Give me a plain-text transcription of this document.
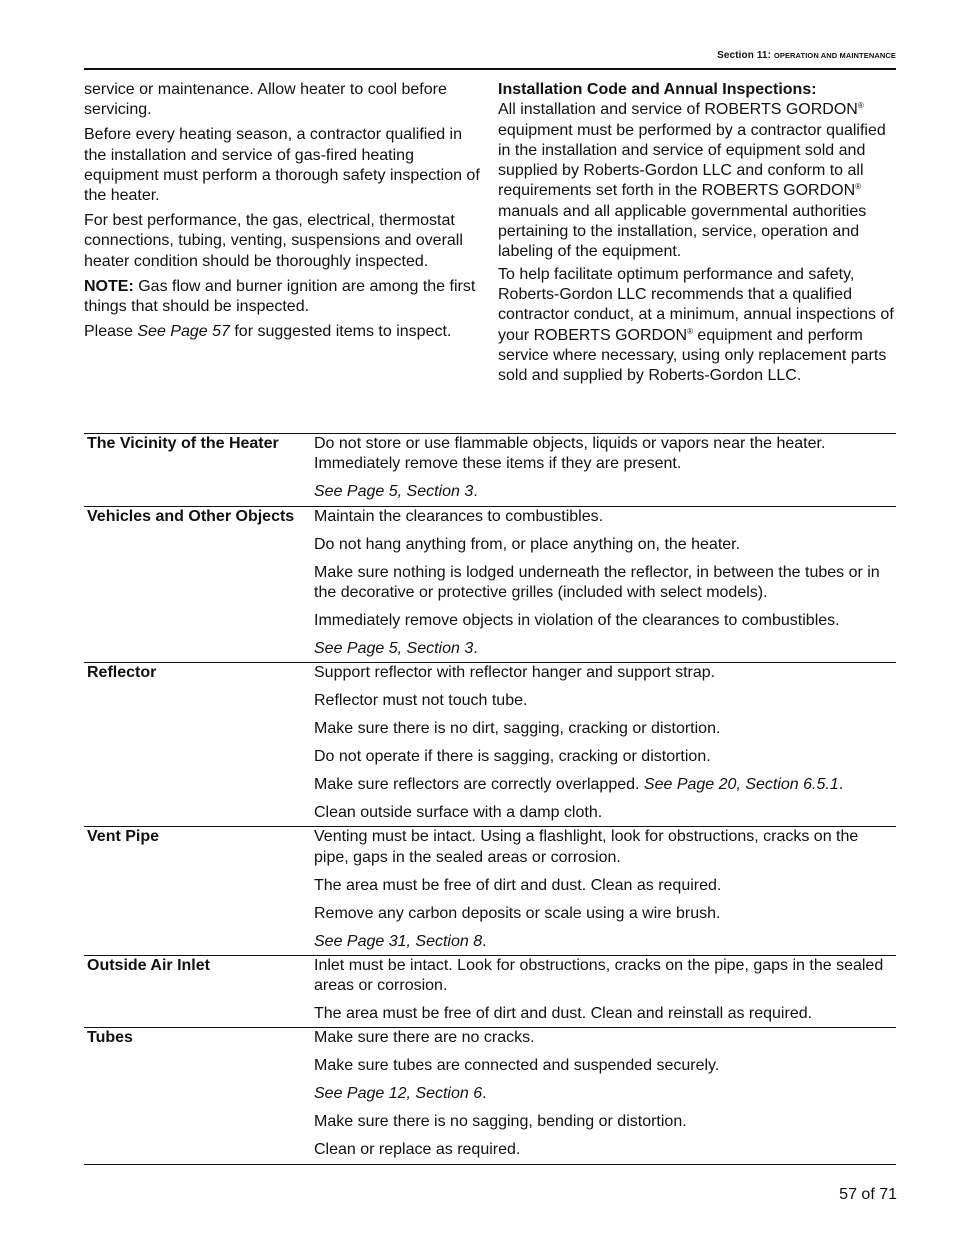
Section 11: OPERATION AND MAINTENANCE

service or maintenance. Allow heater to cool before servicing.

Before every heating season, a contractor qualified in the installation and service of gas-fired heating equipment must perform a thorough safety inspection of the heater.

For best performance, the gas, electrical, thermostat connections, tubing, venting, suspensions and overall heater condition should be thoroughly inspected.

NOTE: Gas flow and burner ignition are among the first things that should be inspected.

Please See Page 57 for suggested items to inspect.

Installation Code and Annual Inspections:
All installation and service of ROBERTS GORDON® equipment must be performed by a contractor qualified in the installation and service of equipment sold and supplied by Roberts-Gordon LLC and conform to all requirements set forth in the ROBERTS GORDON® manuals and all applicable governmental authorities pertaining to the installation, service, operation and labeling of the equipment.

To help facilitate optimum performance and safety, Roberts-Gordon LLC recommends that a qualified contractor conduct, at a minimum, annual inspections of your ROBERTS GORDON® equipment and perform service where necessary, using only replacement parts sold and supplied by Roberts-Gordon LLC.

The Vicinity of the Heater	Do not store or use flammable objects, liquids or vapors near the heater. Immediately remove these items if they are present.
See Page 5, Section 3.
Vehicles and Other Objects	Maintain the clearances to combustibles.
Do not hang anything from, or place anything on, the heater.
Make sure nothing is lodged underneath the reflector, in between the tubes or in the decorative or protective grilles (included with select models).
Immediately remove objects in violation of the clearances to combustibles.
See Page 5, Section 3.
Reflector	Support reflector with reflector hanger and support strap.
Reflector must not touch tube.
Make sure there is no dirt, sagging, cracking or distortion.
Do not operate if there is sagging, cracking or distortion.
Make sure reflectors are correctly overlapped. See Page 20, Section 6.5.1.
Clean outside surface with a damp cloth.
Vent Pipe	Venting must be intact. Using a flashlight, look for obstructions, cracks on the pipe, gaps in the sealed areas or corrosion.
The area must be free of dirt and dust. Clean as required.
Remove any carbon deposits or scale using a wire brush.
See Page 31, Section 8.
Outside Air Inlet	Inlet must be intact. Look for obstructions, cracks on the pipe, gaps in the sealed areas or corrosion.
The area must be free of dirt and dust. Clean and reinstall as required.
Tubes	Make sure there are no cracks.
Make sure tubes are connected and suspended securely.
See Page 12, Section 6.
Make sure there is no sagging, bending or distortion.
Clean or replace as required.
57 of 71
